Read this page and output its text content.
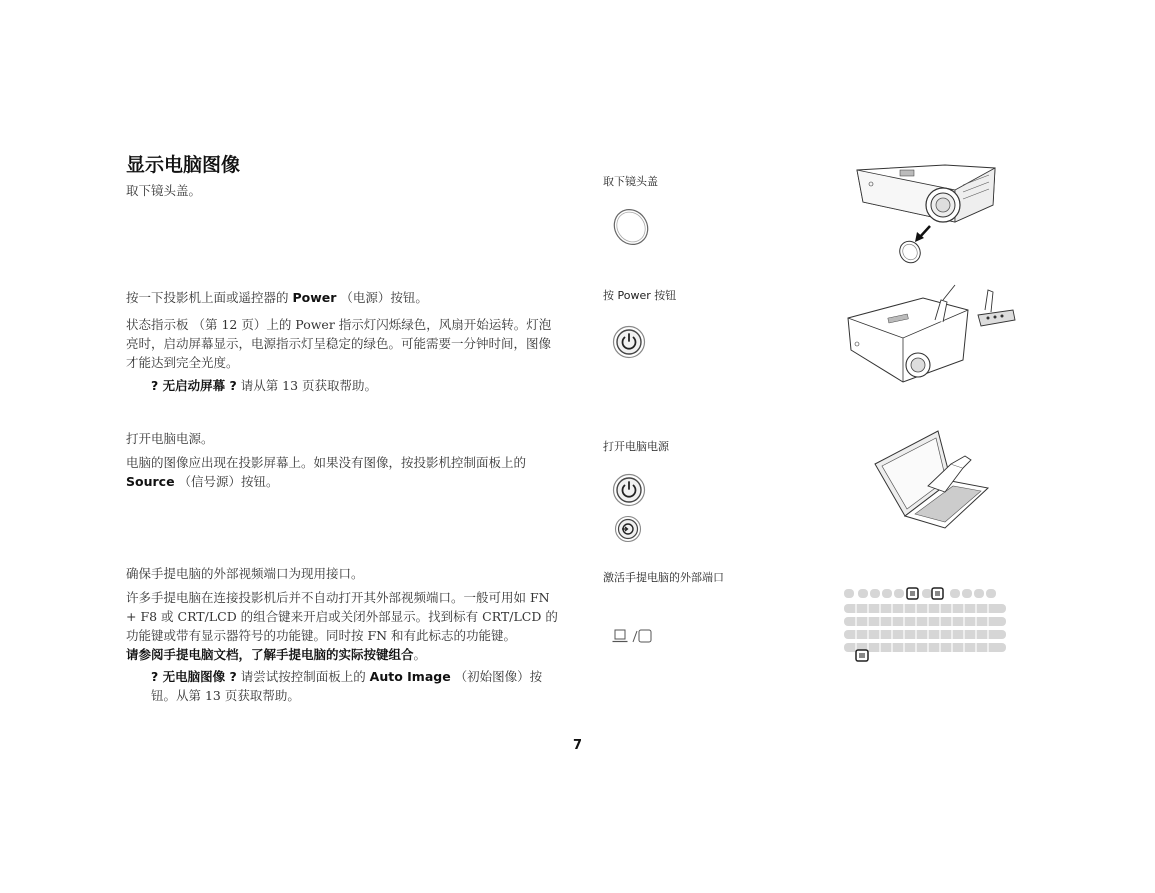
显示电脑图像
取下镜头盖。
按一下投影机上面或遥控器的 Power （电源）按钮。
状态指示板 （第 12 页）上的 Power 指示灯闪烁绿色，风扇开始运转。灯泡亮时，启动屏幕显示，电源指示灯呈稳定的绿色。可能需要一分钟时间，图像才能达到完全光度。
? 无启动屏幕 ? 请从第 13 页获取帮助。
打开电脑电源。
电脑的图像应出现在投影屏幕上。如果没有图像，按投影机控制面板上的 Source （信号源）按钮。
确保手提电脑的外部视频端口为现用接口。
许多手提电脑在连接投影机后并不自动打开其外部视频端口。一般可用如 FN + F8 或 CRT/LCD 的组合键来开启或关闭外部显示。找到标有 CRT/LCD 的功能键或带有显示器符号的功能键。同时按 FN 和有此标志的功能键。
请参阅手提电脑文档，了解手提电脑的实际按键组合。
? 无电脑图像 ? 请尝试按控制面板上的 Auto Image （初始图像）按钮。从第 13 页获取帮助。
取下镜头盖
按 Power 按钮
打开电脑电源
激活手提电脑的外部端口
7
